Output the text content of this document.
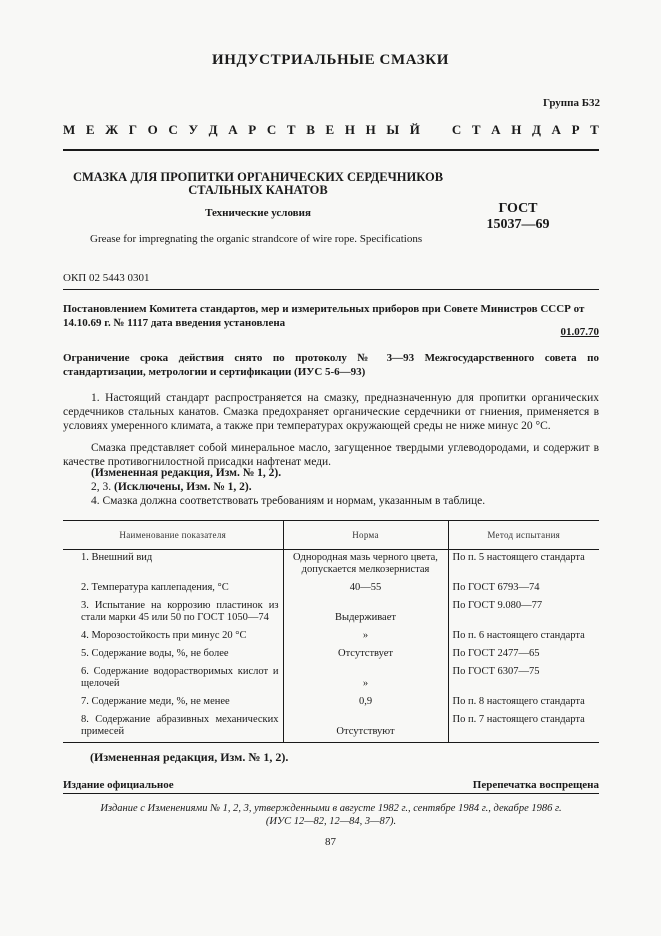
ИНДУСТРИАЛЬНЫЕ СМАЗКИ
Группа Б32
М Е Ж Г О С У Д А Р С Т В Е Н Н Ы Й С Т А Н Д А Р Т
СМАЗКА ДЛЯ ПРОПИТКИ ОРГАНИЧЕСКИХ СЕРДЕЧНИКОВ СТАЛЬНЫХ КАНАТОВ
Технические условия	ГОСТ
15037—69
Grease for impregnating the organic strandcore of wire rope. Specifications
ОКП 02 5443 0301
Постановлением Комитета стандартов, мер и измерительных приборов при Совете Министров СССР от 14.10.69 г. № 1117 дата введения установлена
01.07.70
Ограничение срока действия снято по протоколу № 3—93 Межгосударственного совета по стандартизации, метрологии и сертификации (ИУС 5-6—93)
1. Настоящий стандарт распространяется на смазку, предназначенную для пропитки органических сердечников стальных канатов. Смазка предохраняет органические сердечники от гниения, применяется в условиях умеренного климата, а также при температурах окружающей среды не ниже минус 20 °С.
Смазка представляет собой минеральное масло, загущенное твердыми углеводородами, и содержит в качестве противогнилостной присадки нафтенат меди.
(Измененная редакция, Изм. № 1, 2).
2, 3. (Исключены, Изм. № 1, 2).
4. Смазка должна соответствовать требованиям и нормам, указанным в таблице.
Наименование показателя	Норма	Метод испытания

1. Внешний вид	Однородная мазь черного цвета, допускается мелкозернистая	По п. 5 настоящего стандарта

2. Температура каплепадения, °С	40—55	По ГОСТ 6793—74

3. Испытание на коррозию пластинок из стали марки 45 или 50 по ГОСТ 1050—74	Выдерживает	По ГОСТ 9.080—77

4. Морозостойкость при минус 20 °С	»	По п. 6 настоящего стандарта

5. Содержание воды, %, не более	Отсутствует	По ГОСТ 2477—65

6. Содержание водорастворимых кислот и щелочей	»	По ГОСТ 6307—75

7. Содержание меди, %, не менее	0,9	По п. 8 настоящего стандарта

8. Содержание абразивных механических примесей	Отсутствуют	По п. 7 настоящего стандарта
(Измененная редакция, Изм. № 1, 2).
Издание официальное	Перепечатка воспрещена
Издание с Изменениями № 1, 2, 3, утвержденными в августе 1982 г., сентябре 1984 г., декабре 1986 г.
(ИУС 12—82, 12—84, 3—87).
87
